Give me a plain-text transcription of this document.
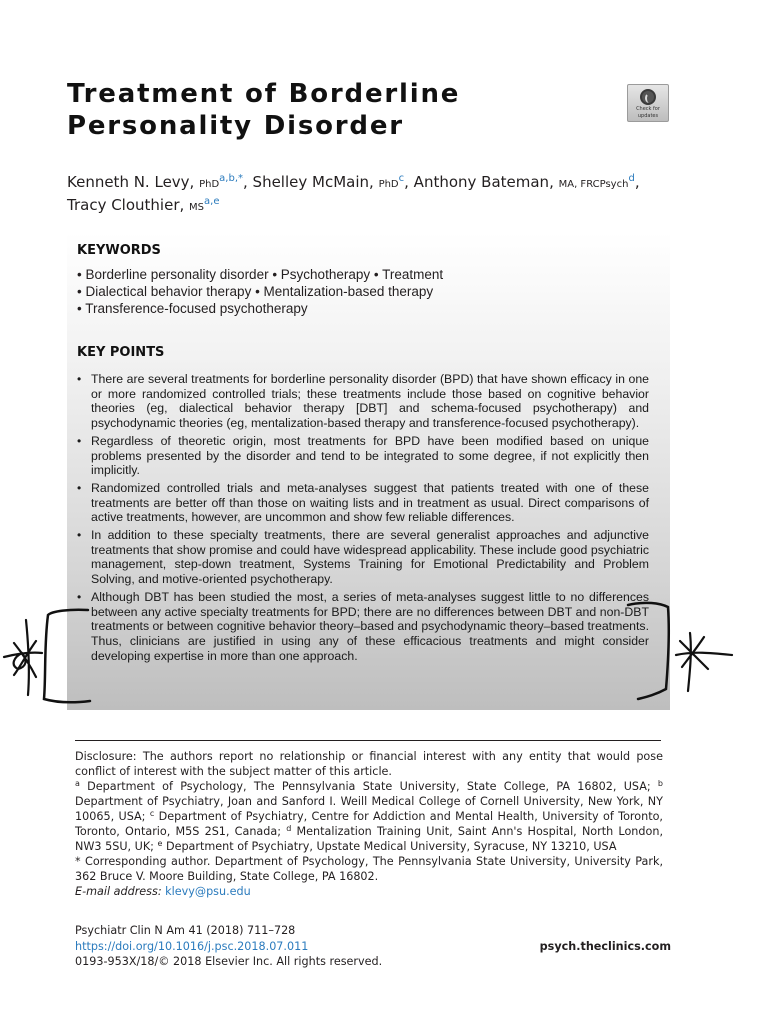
Treatment of Borderline
Personality Disorder
Check for
updates
Kenneth N. Levy, PhD$^{a,b,*}$, Shelley McMain, PhD$^c$, Anthony Bateman, MA, FRCPsych$^d$,
Tracy Clouthier, MS$^{a,e}$
KEYWORDS
• Borderline personality disorder • Psychotherapy • Treatment
• Dialectical behavior therapy • Mentalization-based therapy
• Transference-focused psychotherapy
KEY POINTS
• There are several treatments for borderline personality disorder (BPD) that have shown efficacy in one or more randomized controlled trials; these treatments include those based on cognitive behavior theories (eg, dialectical behavior therapy [DBT] and schema-focused psychotherapy) and psychodynamic theories (eg, mentalization-based therapy and transference-focused psychotherapy).
• Regardless of theoretic origin, most treatments for BPD have been modified based on unique problems presented by the disorder and tend to be integrated to some degree, if not explicitly then implicitly.
• Randomized controlled trials and meta-analyses suggest that patients treated with one of these treatments are better off than those on waiting lists and in treatment as usual. Direct comparisons of active treatments, however, are uncommon and show few reliable differences.
• In addition to these specialty treatments, there are several generalist approaches and adjunctive treatments that show promise and could have widespread applicability. These include good psychiatric management, step-down treatment, Systems Training for Emotional Predictability and Problem Solving, and motive-oriented psychotherapy.
• Although DBT has been studied the most, a series of meta-analyses suggest little to no differences between any active specialty treatments for BPD; there are no differences between DBT and non-DBT treatments or between cognitive behavior theory–based and psychodynamic theory–based treatments. Thus, clinicians are justified in using any of these efficacious treatments and might consider developing expertise in more than one approach.

Disclosure: The authors report no relationship or financial interest with any entity that would pose conflict of interest with the subject matter of this article.

$^a$ Department of Psychology, The Pennsylvania State University, State College, PA 16802, USA; $^b$ Department of Psychiatry, Joan and Sanford I. Weill Medical College of Cornell University, New York, NY 10065, USA; $^c$ Department of Psychiatry, Centre for Addiction and Mental Health, University of Toronto, Toronto, Ontario, M5S 2S1, Canada; $^d$ Mentalization Training Unit, Saint Ann's Hospital, North London, NW3 5SU, UK; $^e$ Department of Psychiatry, Upstate Medical University, Syracuse, NY 13210, USA

* Corresponding author. Department of Psychology, The Pennsylvania State University, University Park, 362 Bruce V. Moore Building, State College, PA 16802.

E-mail address: klevy@psu.edu

Psychiatr Clin N Am 41 (2018) 711–728
https://doi.org/10.1016/j.psc.2018.07.011
0193-953X/18/© 2018 Elsevier Inc. All rights reserved.
psych.theclinics.com
